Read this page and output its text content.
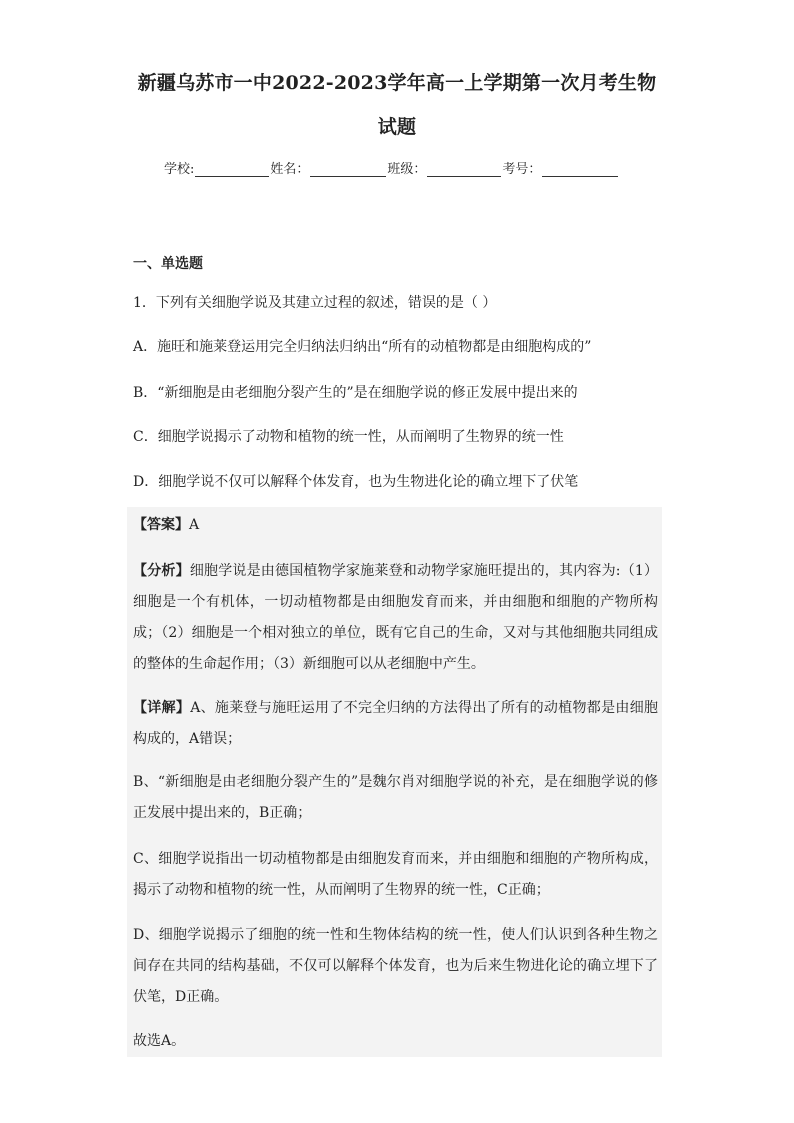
新疆乌苏市一中2022-2023学年高一上学期第一次月考生物
试题
学校:	姓名：	班级：	考号：
一、单选题
1．下列有关细胞学说及其建立过程的叙述，错误的是（ ）
A．施旺和施莱登运用完全归纳法归纳出“所有的动植物都是由细胞构成的”
B．“新细胞是由老细胞分裂产生的”是在细胞学说的修正发展中提出来的
C．细胞学说揭示了动物和植物的统一性，从而阐明了生物界的统一性
D．细胞学说不仅可以解释个体发育，也为生物进化论的确立埋下了伏笔
【答案】A
【分析】细胞学说是由德国植物学家施莱登和动物学家施旺提出的，其内容为:（1）细胞是一个有机体，一切动植物都是由细胞发育而来，并由细胞和细胞的产物所构成；（2）细胞是一个相对独立的单位，既有它自己的生命，又对与其他细胞共同组成的整体的生命起作用；（3）新细胞可以从老细胞中产生。
【详解】A、施莱登与施旺运用了不完全归纳的方法得出了所有的动植物都是由细胞构成的，A错误；
B、“新细胞是由老细胞分裂产生的”是魏尔肖对细胞学说的补充，是在细胞学说的修正发展中提出来的，B正确；
C、细胞学说指出一切动植物都是由细胞发育而来，并由细胞和细胞的产物所构成，揭示了动物和植物的统一性，从而阐明了生物界的统一性，C正确；
D、细胞学说揭示了细胞的统一性和生物体结构的统一性，使人们认识到各种生物之间存在共同的结构基础，不仅可以解释个体发育，也为后来生物进化论的确立埋下了伏笔，D正确。
故选A。
